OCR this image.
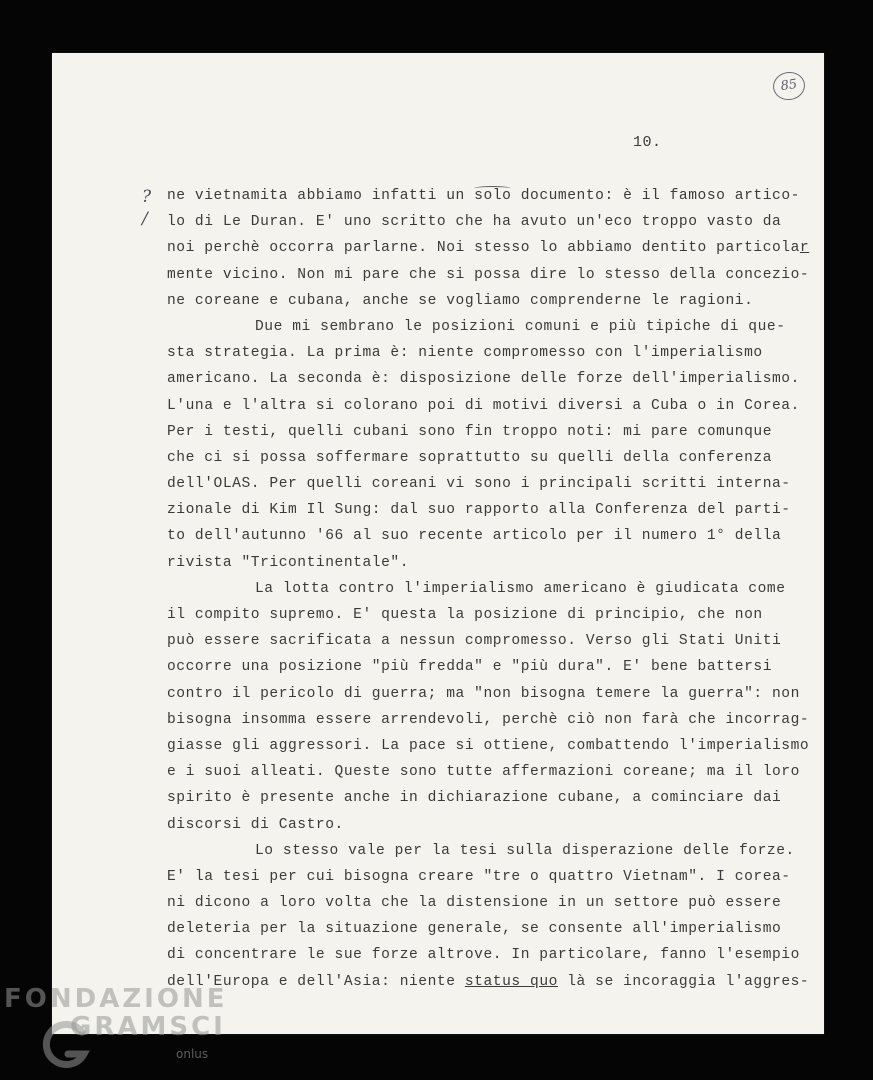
85
10.
?
/
ne vietnamita abbiamo infatti un solo documento: è il famoso artico-
lo di Le Duran. E' uno scritto che ha avuto un'eco troppo vasto da
noi perchè occorra parlarne. Noi stesso lo abbiamo dentito particolar
mente vicino. Non mi pare che si possa dire lo stesso della concezio-
ne coreane e cubana, anche se vogliamo comprenderne le ragioni.
Due mi sembrano le posizioni comuni e più tipiche di que-
sta strategia. La prima è: niente compromesso con l'imperialismo
americano. La seconda è: disposizione delle forze dell'imperialismo.
L'una e l'altra si colorano poi di motivi diversi a Cuba o in Corea.
Per i testi, quelli cubani sono fin troppo noti: mi pare comunque
che ci si possa soffermare soprattutto su quelli della conferenza
dell'OLAS. Per quelli coreani vi sono i principali scritti interna-
zionale di Kim Il Sung: dal suo rapporto alla Conferenza del parti-
to dell'autunno '66 al suo recente articolo per il numero 1° della
rivista "Tricontinentale".
La lotta contro l'imperialismo americano è giudicata come
il compito supremo. E' questa la posizione di principio, che non
può essere sacrificata a nessun compromesso. Verso gli Stati Uniti
occorre una posizione "più fredda" e "più dura". E' bene battersi
contro il pericolo di guerra; ma "non bisogna temere la guerra": non
bisogna insomma essere arrendevoli, perchè ciò non farà che incorrag-
giasse gli aggressori. La pace si ottiene, combattendo l'imperialismo
e i suoi alleati. Queste sono tutte affermazioni coreane; ma il loro
spirito è presente anche in dichiarazione cubane, a cominciare dai
discorsi di Castro.
Lo stesso vale per la tesi sulla disperazione delle forze.
E' la tesi per cui bisogna creare "tre o quattro Vietnam". I corea-
ni dicono a loro volta che la distensione in un settore può essere
deleteria per la situazione generale, se consente all'imperialismo
di concentrare le sue forze altrove. In particolare, fanno l'esempio
dell'Europa e dell'Asia: niente status quo là se incoraggia l'aggres-
FONDAZIONE
GRAMSCI
onlus
